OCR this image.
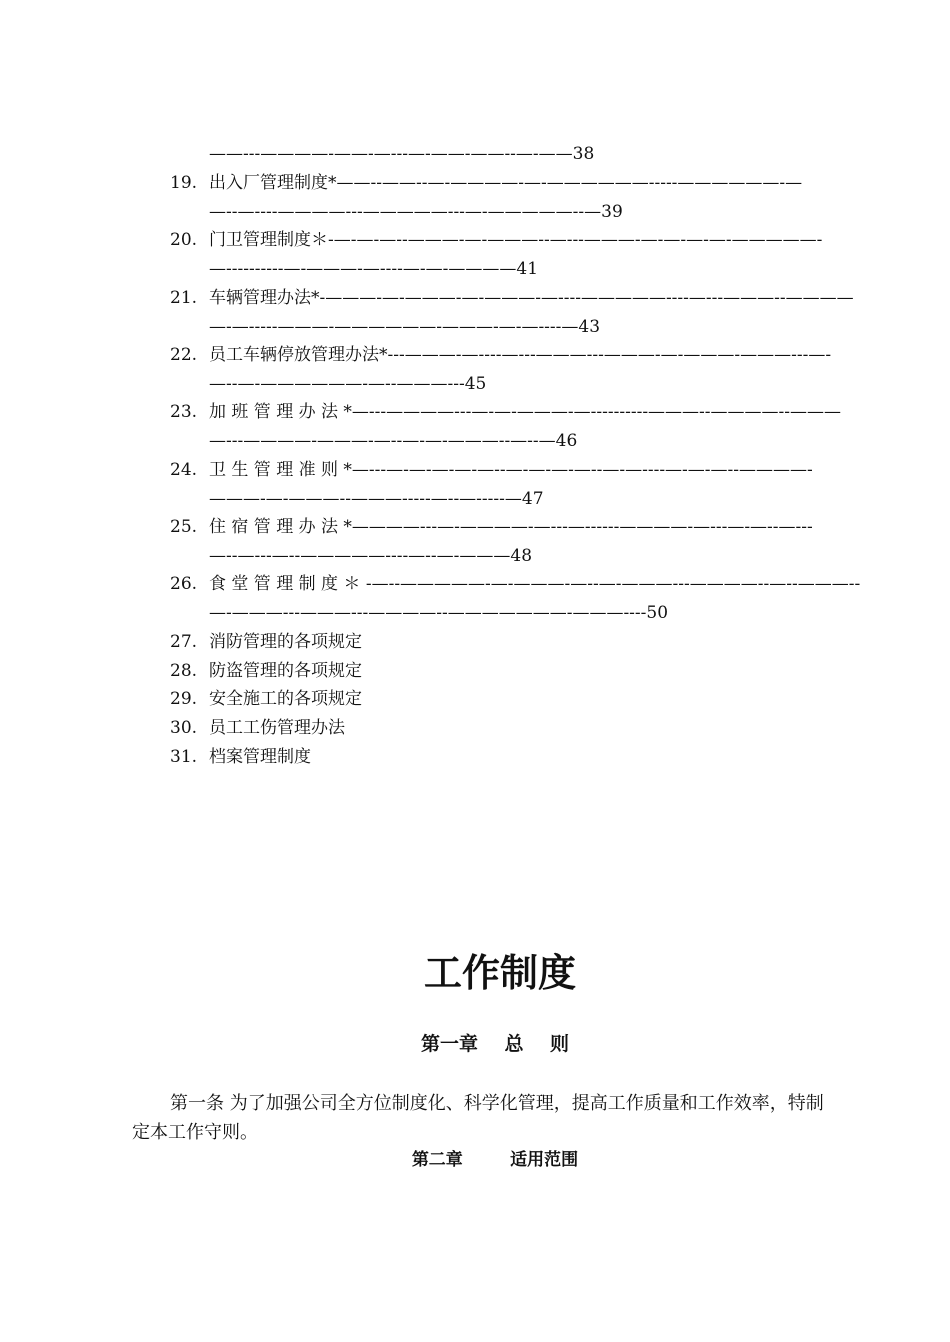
——---————-——-—---—-——-——--—-——38
19. 出入厂管理制度*——--——--—-————-—-——————-----——————-—
—--—----————---—————---—-—————--—39
20. 门卫管理制度＊-—-—-—--———-—-———--—---———-—-—-—-—-—————-
—----------—-———-—----—-—-————41
21. 车辆管理办法*-———-—-———-—-———-—----—————----—---———--————
—-—-----———-——————-———-—-—----—43
22. 员工车辆停放管理办法*---———-—----—---———---———-—-———-———---—-
—--—-——————-—--———---45
23. 加 班 管 理 办 法 *—---————---—-—-———-—----------———--————--———
—---————-———-—--—-—-———--—--—46
24. 卫 生 管 理 准 则 *—---—-—-—-—-—--—-—-—-—--—-—----—-—-—--————-
———-—-———--———-----—--—-----—47
25. 住 宿 管 理 办 法 *————---—-————-—---—------————-—---—-—--—---
—--—---—--—————----—--—-———48
26. 食 堂 管 理 制 度 ＊ -—--—————-—-———-—--—-———---————--—--———--
—-———---———---————--———————-———----50
27. 消防管理的各项规定
28. 防盗管理的各项规定
29. 安全施工的各项规定
30. 员工工伤管理办法
31. 档案管理制度
工作制度
第一章    总    则
第一条 为了加强公司全方位制度化、科学化管理，提高工作质量和工作效率，特制定本工作守则。
第二章        适用范围
